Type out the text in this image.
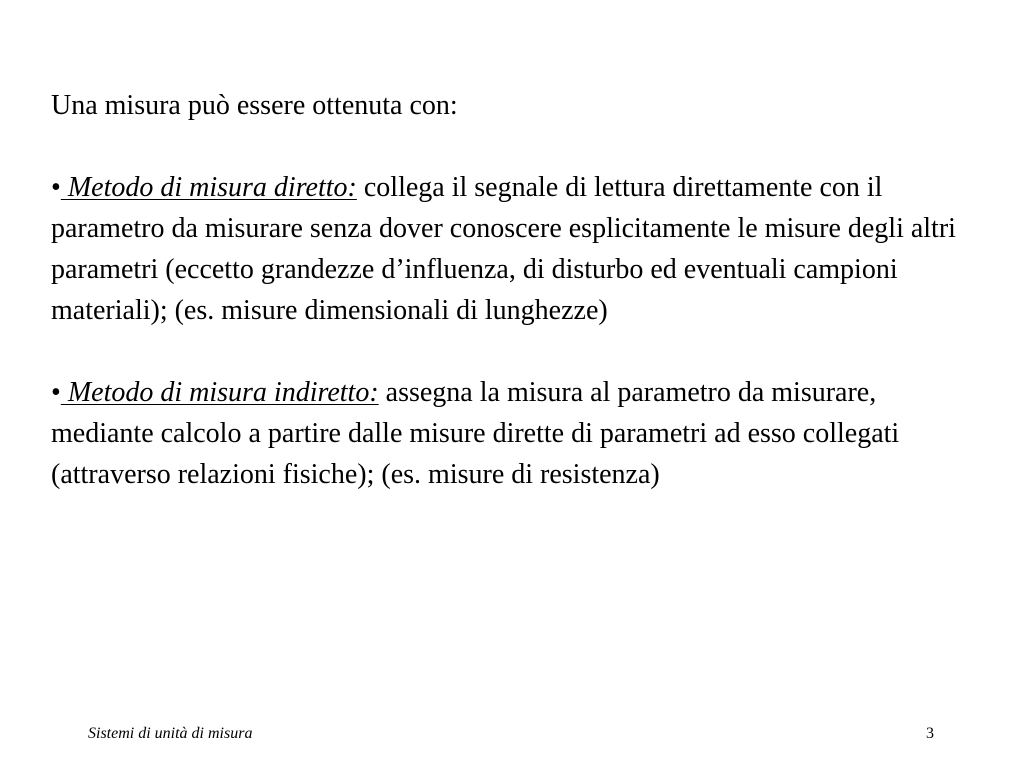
Una misura può essere ottenuta con:

• Metodo di misura diretto: collega il segnale di lettura direttamente con il parametro da misurare senza dover conoscere esplicitamente le misure degli altri parametri (eccetto grandezze d’influenza, di disturbo ed eventuali campioni materiali); (es. misure dimensionali di lunghezze)

• Metodo di misura indiretto: assegna la misura al parametro da misurare, mediante calcolo a partire dalle misure dirette di parametri ad esso collegati (attraverso relazioni fisiche); (es. misure di resistenza)

Sistemi di unità di misura	3
